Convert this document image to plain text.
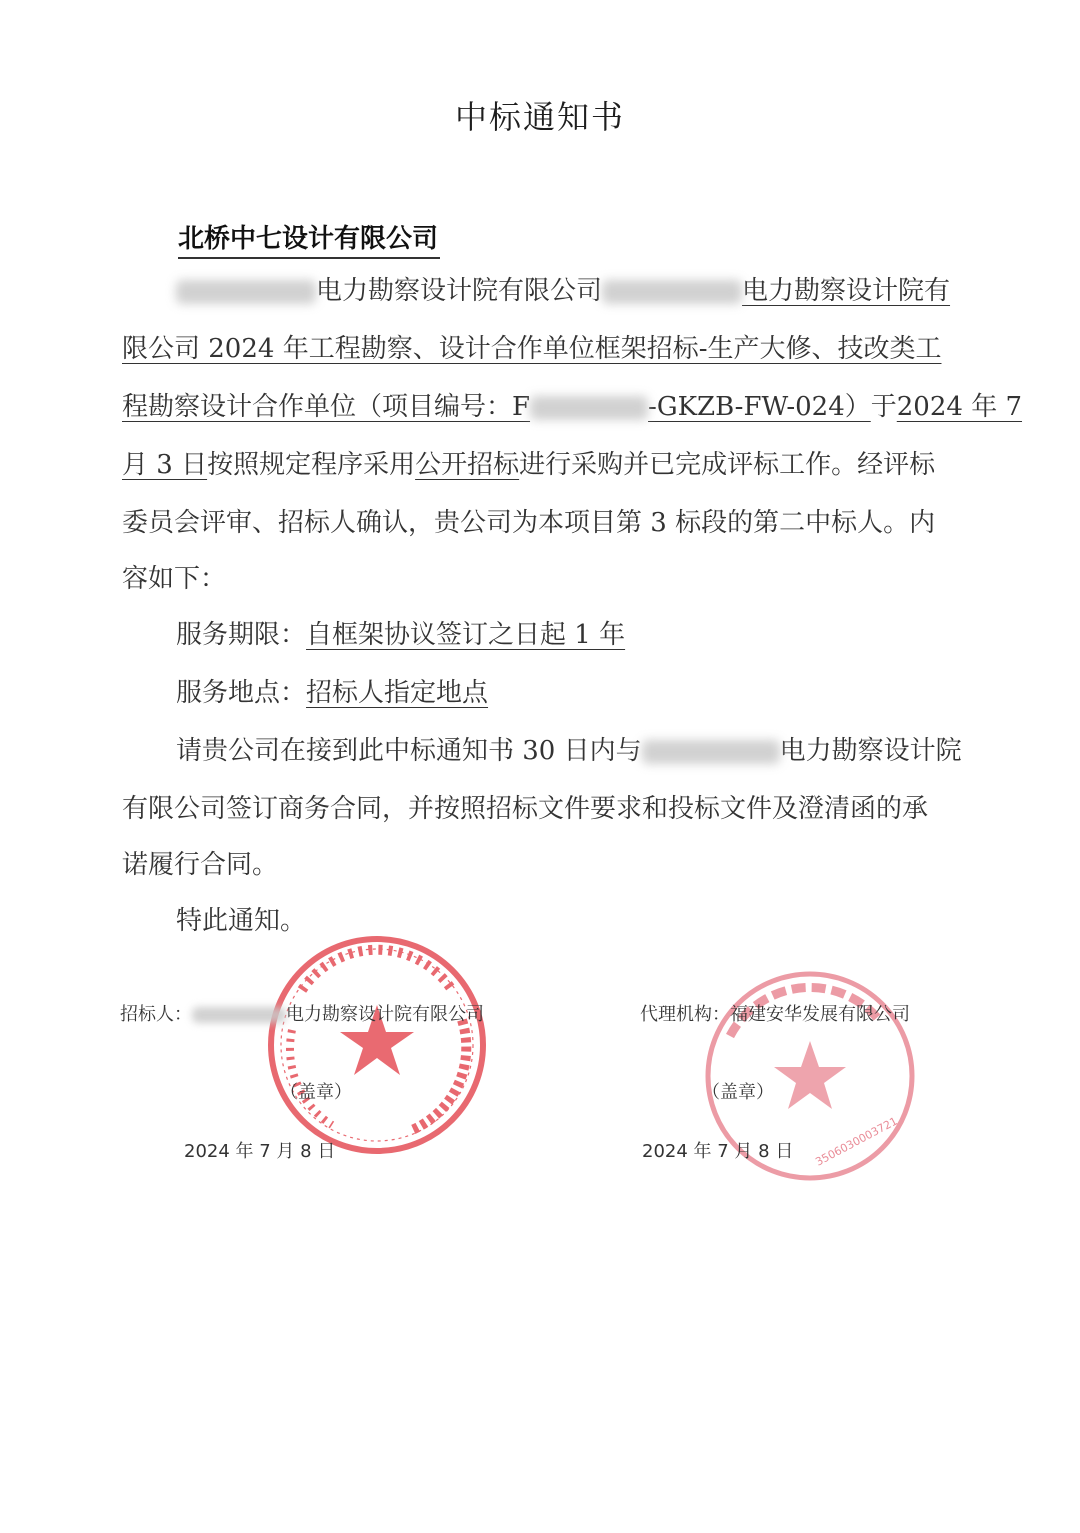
中标通知书
北桥中七设计有限公司
电力勘察设计院有限公司	电力勘察设计院有
限公司 2024 年工程勘察、设计合作单位框架招标-生产大修、技改类工
程勘察设计合作单位（项目编号：F	-GKZB-FW-024）于2024 年 7
月 3 日按照规定程序采用公开招标进行采购并已完成评标工作。经评标
委员会评审、招标人确认，贵公司为本项目第 3 标段的第二中标人。内
容如下：
服务期限：自框架协议签订之日起 1 年
服务地点：招标人指定地点
请贵公司在接到此中标通知书 30 日内与	电力勘察设计院
有限公司签订商务合同，并按照招标文件要求和投标文件及澄清函的承
诺履行合同。
特此通知。
3506030003721
招标人：	电力勘察设计院有限公司
（盖章）
2024 年 7 月 8 日
代理机构：福建安华发展有限公司
（盖章）
2024 年 7 月 8 日
